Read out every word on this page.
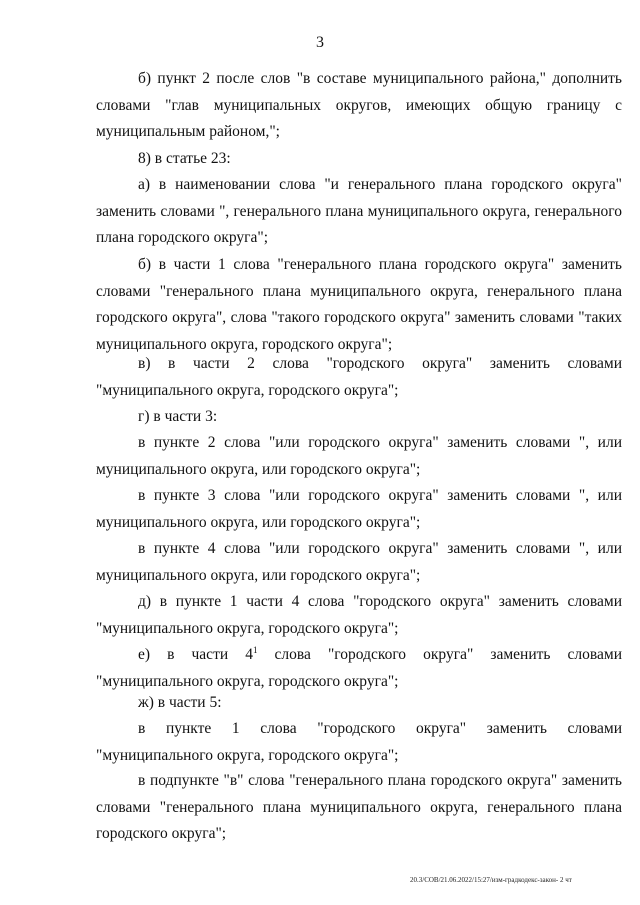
3

б) пункт 2 после слов "в составе муниципального района," дополнить словами "глав муниципальных округов, имеющих общую границу с муниципальным районом,";

8) в статье 23:

а) в наименовании слова "и генерального плана городского округа" заменить словами ", генерального плана муниципального округа, генерального плана городского округа";

б) в части 1 слова "генерального плана городского округа" заменить словами "генерального плана муниципального округа, генерального плана городского округа", слова "такого городского округа" заменить словами "таких муниципального округа, городского округа";

в) в части 2 слова "городского округа" заменить словами "муниципального округа, городского округа";

г) в части 3:

в пункте 2 слова "или городского округа" заменить словами ", или муниципального округа, или городского округа";

в пункте 3 слова "или городского округа" заменить словами ", или муниципального округа, или городского округа";

в пункте 4 слова "или городского округа" заменить словами ", или муниципального округа, или городского округа";

д) в пункте 1 части 4 слова "городского округа" заменить словами "муниципального округа, городского округа";

е) в части 4$^1$ слова "городского округа" заменить словами "муниципального округа, городского округа";

ж) в части 5:

в пункте 1 слова "городского округа" заменить словами "муниципального округа, городского округа";

в подпункте "в" слова "генерального плана городского округа" заменить словами "генерального плана муниципального округа, генерального плана городского округа";

20.3/СОВ/21.06.2022/15:27/изм-градкодекс-закон- 2 чт
